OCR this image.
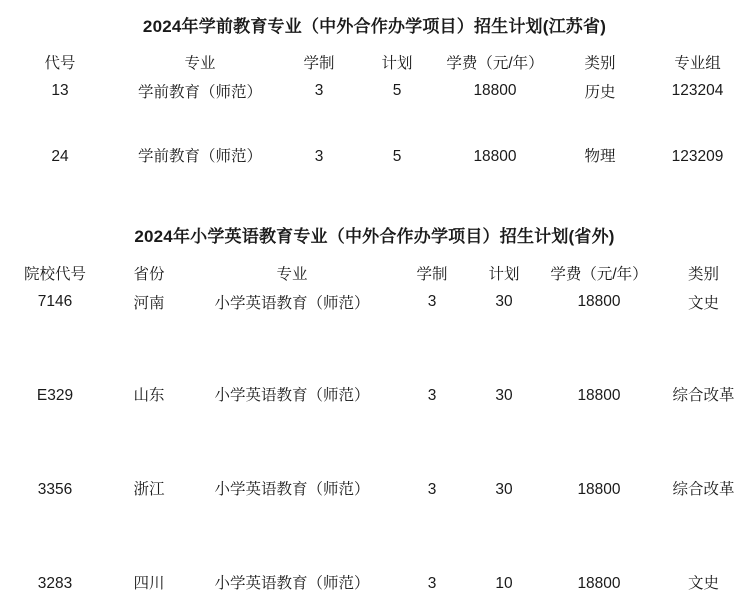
2024年学前教育专业（中外合作办学项目）招生计划(江苏省)
代号	专业	学制	计划	学费（元/年）	类别	专业组
13	学前教育（师范）	3	5	18800	历史	123204
24	学前教育（师范）	3	5	18800	物理	123209
2024年小学英语教育专业（中外合作办学项目）招生计划(省外)
院校代号	省份	专业	学制	计划	学费（元/年）	类别
7146	河南	小学英语教育（师范）	3	30	18800	文史
E329	山东	小学英语教育（师范）	3	30	18800	综合改革
3356	浙江	小学英语教育（师范）	3	30	18800	综合改革
3283	四川	小学英语教育（师范）	3	10	18800	文史
